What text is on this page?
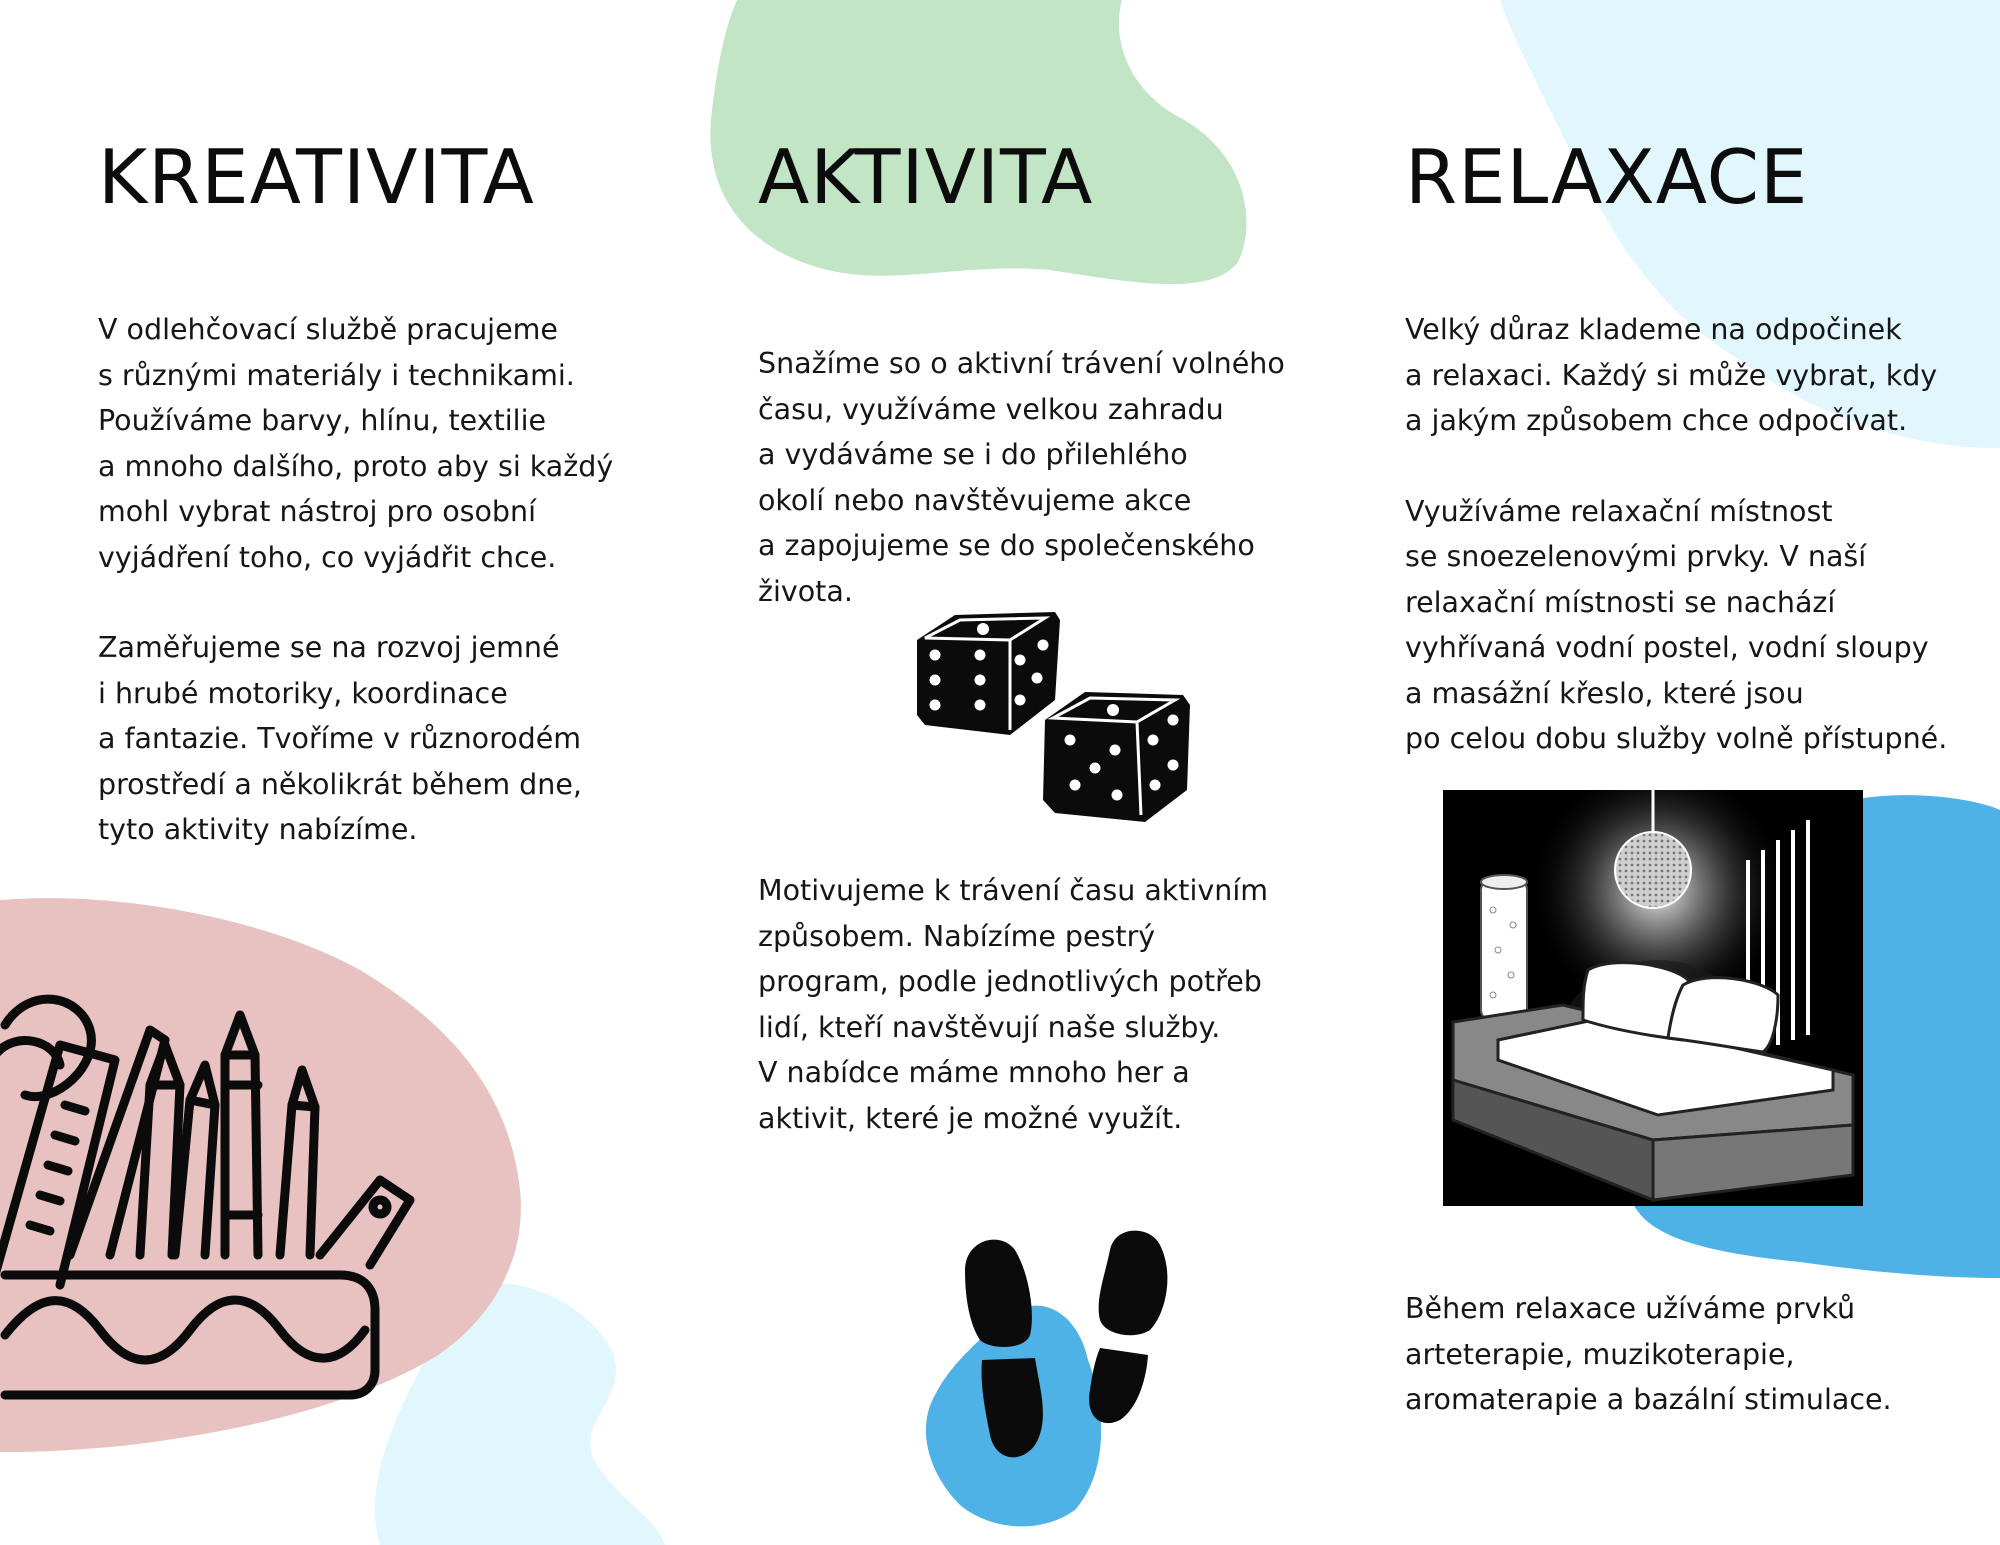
KREATIVITA

V odlehčovací službě pracujeme
s různými materiály i technikami.
Používáme barvy, hlínu, textilie
a mnoho dalšího, proto aby si každý
mohl vybrat nástroj pro osobní
vyjádření toho, co vyjádřit chce.

Zaměřujeme se na rozvoj jemné
i hrubé motoriky, koordinace
a fantazie. Tvoříme v různorodém
prostředí a několikrát během dne,
tyto aktivity nabízíme.

AKTIVITA

Snažíme so o aktivní trávení volného
času, využíváme velkou zahradu
a vydáváme se i do přilehlého
okolí nebo navštěvujeme akce
a zapojujeme se do společenského
života.

Motivujeme k trávení času aktivním
způsobem. Nabízíme pestrý
program, podle jednotlivých potřeb
lidí, kteří navštěvují naše služby.
V nabídce máme mnoho her a
aktivit, které je možné využít.

RELAXACE

Velký důraz klademe na odpočinek
a relaxaci. Každý si může vybrat, kdy
a jakým způsobem chce odpočívat.

Využíváme relaxační místnost
se snoezelenovými prvky. V naší
relaxační místnosti se nachází
vyhřívaná vodní postel, vodní sloupy
a masážní křeslo, které jsou
po celou dobu služby volně přístupné.

Během relaxace užíváme prvků
arteterapie, muzikoterapie,
aromaterapie a bazální stimulace.
